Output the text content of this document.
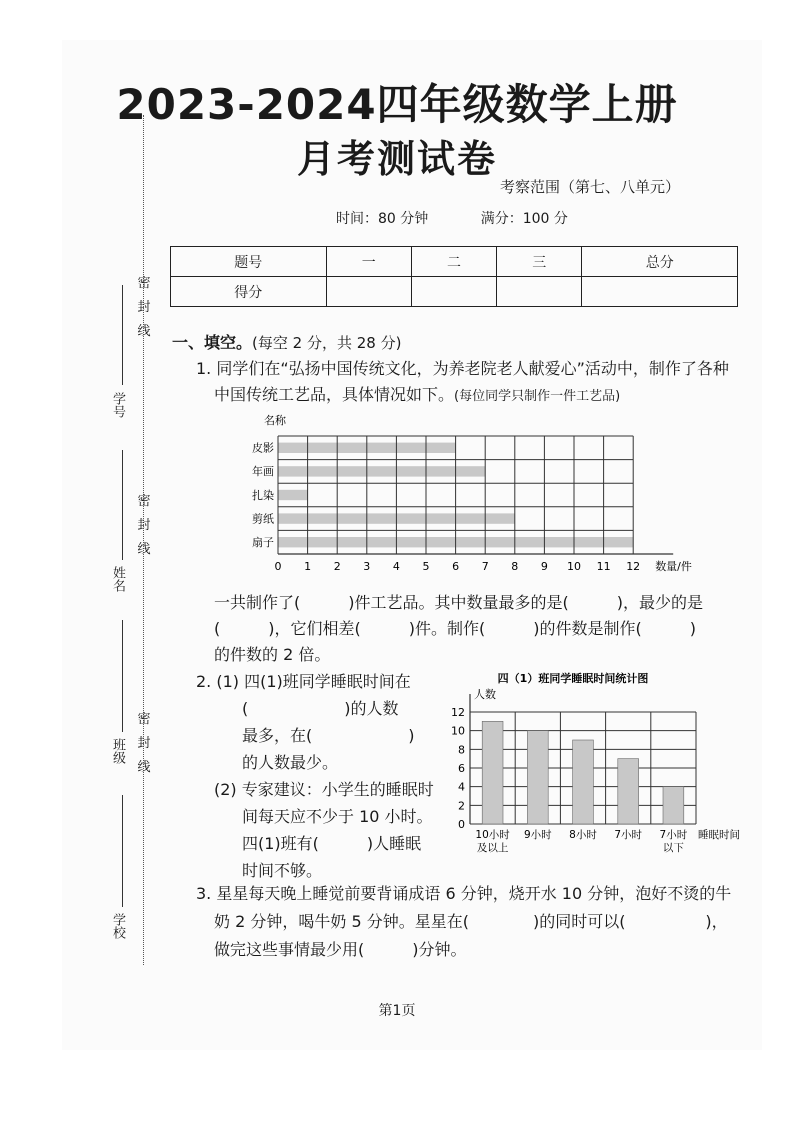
2023-2024四年级数学上册
月考测试卷
考察范围（第七、八单元）
时间：80 分钟	满分：100 分
题号	一	二	三	总分
得分				
密
封
线
密
封
线
密
封
线
学号
姓名
班级
学校
一、填空。(每空 2 分，共 28 分)
1. 同学们在“弘扬中国传统文化，为养老院老人献爱心”活动中，制作了各种
中国传统工艺品，具体情况如下。(每位同学只制作一件工艺品)
名称
皮影
年画
扎染
剪纸
扇子
0 1 2 3 4 5 6 7 8 9 10 11 12 数量/件
一共制作了(　　　)件工艺品。其中数量最多的是(　　　)，最少的是
(　　　)，它们相差(　　　)件。制作(　　　)的件数是制作(　　　)
的件数的 2 倍。
2. (1) 四(1)班同学睡眠时间在
(　　　　　　)的人数
最多，在(　　　　　　)
的人数最少。
(2) 专家建议：小学生的睡眠时
间每天应不少于 10 小时。
四(1)班有(　　　)人睡眠
时间不够。
四（1）班同学睡眠时间统计图
人数
0
2
4
6
8
10
12
10小时
及以上
9小时 8小时 7小时 7小时
以下
睡眠时间
3. 星星每天晚上睡觉前要背诵成语 6 分钟，烧开水 10 分钟，泡好不烫的牛
奶 2 分钟，喝牛奶 5 分钟。星星在(　　　　)的同时可以(　　　　　)，
做完这些事情最少用(　　　)分钟。
第1页
